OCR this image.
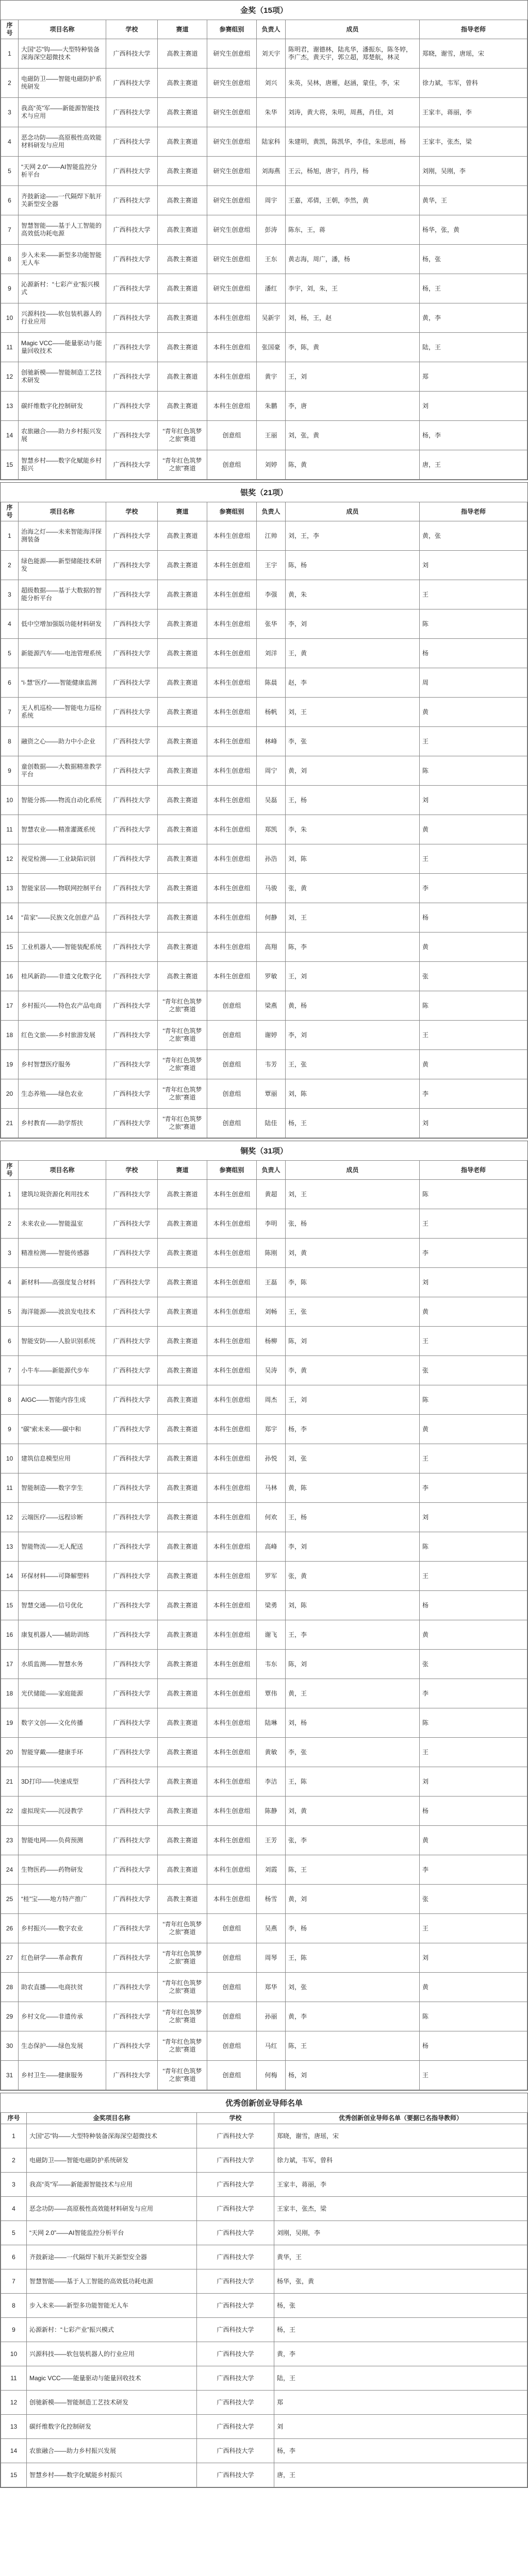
金奖（15项）
序号	项目名称	学校	赛道	参赛组别	负责人	成员	指导老师
1	大国“芯”钩——大型特种装备深海深空超微技术	广西科技大学	高教主赛道	研究生创意组	刘天宇	陈明君，谢德林，陆兆华，潘振东，陈冬婷，李广杰，黄天宇，郭立超，郑楚航，林灵	郑晓，谢雪，唐瑶，宋
2	电磁防卫——智能电磁防护系统研发	广西科技大学	高教主赛道	研究生创意组	刘兴	朱英，吴林，唐雁，赵涵，蒙佳，李，宋	徐力斌，韦军，曾科
3	我高“英”军——新能源智能技术与应用	广西科技大学	高教主赛道	研究生创意组	朱华	刘涛，黄大将，朱明，周燕，肖佳，刘	王家丰，蒋丽，李
4	恶念功防——高原极性高效能材料研发与应用	广西科技大学	高教主赛道	研究生创意组	陆家科	朱建明，黄凯，陈凯华，李佳，朱思雨，杨	王家丰，张杰，梁
5	“天网 2.0”——AI智能监控分析平台	广西科技大学	高教主赛道	研究生创意组	刘海燕	王云，杨旭，唐宇，肖丹，杨	刘刚，吴刚，李
6	齐鼓新途——一代隔焊下航开关新型安全器	广西科技大学	高教主赛道	研究生创意组	周宇	王嘉，邓倩，王朝，李然，黄	黄华，王
7	智慧智能——基于人工智能的高效低功耗电源	广西科技大学	高教主赛道	研究生创意组	彭涛	陈东，王，蒋	杨华，张，黄
8	步入未来——新型多功能智能无人车	广西科技大学	高教主赛道	研究生创意组	王东	黄志海，周广，潘，杨	杨，张
9	沁源新村：“七彩产业”振兴模式	广西科技大学	高教主赛道	研究生创意组	潘红	李宇，刘，朱，王	杨，王
10	兴源科技——软包装机器人的行业应用	广西科技大学	高教主赛道	本科生创意组	吴新宇	刘，杨，王，赵	黄，李
11	Magic VCC——能量驱动与能量回收技术	广西科技大学	高教主赛道	本科生创意组	张国豪	李，陈，黄	陆，王
12	创驰新模——智能制造工艺技术研发	广西科技大学	高教主赛道	本科生创意组	黄宇	王，刘	郑
13	碳纤维数字化控制研发	广西科技大学	高教主赛道	本科生创意组	朱鹏	李，唐	刘
14	农旅融合——助力乡村振兴发展	广西科技大学	“青年红色筑梦之旅”赛道	创意组	王丽	刘，张，黄	杨，李
15	智慧乡村——数字化赋能乡村振兴	广西科技大学	“青年红色筑梦之旅”赛道	创意组	刘婷	陈，黄	唐，王
银奖（21项）
序号	项目名称	学校	赛道	参赛组别	负责人	成员	指导老师
1	治海之灯——未来智能海洋探测装备	广西科技大学	高教主赛道	本科生创意组	江帅	刘，王，李	黄，张
2	绿色能源——新型储能技术研发	广西科技大学	高教主赛道	本科生创意组	王宇	陈，杨	刘
3	超级数据——基于大数据的智能分析平台	广西科技大学	高教主赛道	本科生创意组	李强	黄，朱	王
4	低中空增加强版功能材料研发	广西科技大学	高教主赛道	本科生创意组	张华	李，刘	陈
5	新能源汽车——电池管理系统	广西科技大学	高教主赛道	本科生创意组	刘洋	王，黄	杨
6	“i·慧”医疗——智能健康监测	广西科技大学	高教主赛道	本科生创意组	陈晨	赵，李	周
7	无人机巡检——智能电力巡检系统	广西科技大学	高教主赛道	本科生创意组	杨帆	刘，王	黄
8	融资之心——助力中小企业	广西科技大学	高教主赛道	本科生创意组	林峰	李，张	王
9	童创数据——大数据精准教学平台	广西科技大学	高教主赛道	本科生创意组	周宁	黄，刘	陈
10	智能分拣——物流自动化系统	广西科技大学	高教主赛道	本科生创意组	吴磊	王，杨	刘
11	智慧农业——精准灌溉系统	广西科技大学	高教主赛道	本科生创意组	郑凯	李，朱	黄
12	视觉检测——工业缺陷识别	广西科技大学	高教主赛道	本科生创意组	孙浩	刘，陈	王
13	智能家居——物联网控制平台	广西科技大学	高教主赛道	本科生创意组	马骏	张，黄	李
14	“苗家”——民族文化创意产品	广西科技大学	高教主赛道	本科生创意组	何静	刘，王	杨
15	工业机器人——智能装配系统	广西科技大学	高教主赛道	本科生创意组	高翔	陈，李	黄
16	桂风新韵——非遗文化数字化	广西科技大学	高教主赛道	本科生创意组	罗敏	王，刘	张
17	乡村振兴——特色农产品电商	广西科技大学	“青年红色筑梦之旅”赛道	创意组	梁燕	黄，杨	陈
18	红色文旅——乡村旅游发展	广西科技大学	“青年红色筑梦之旅”赛道	创意组	谢婷	李，刘	王
19	乡村智慧医疗服务	广西科技大学	“青年红色筑梦之旅”赛道	创意组	韦芳	王，张	黄
20	生态养殖——绿色农业	广西科技大学	“青年红色筑梦之旅”赛道	创意组	覃丽	刘，陈	李
21	乡村教育——助学帮扶	广西科技大学	“青年红色筑梦之旅”赛道	创意组	陆佳	杨，王	刘
铜奖（31项）
序号	项目名称	学校	赛道	参赛组别	负责人	成员	指导老师
1	建筑垃圾资源化利用技术	广西科技大学	高教主赛道	本科生创意组	黄超	刘，王	陈
2	未来农业——智能温室	广西科技大学	高教主赛道	本科生创意组	李明	张，杨	王
3	精准检测——智能传感器	广西科技大学	高教主赛道	本科生创意组	陈刚	刘，黄	李
4	新材料——高强度复合材料	广西科技大学	高教主赛道	本科生创意组	王磊	李，陈	刘
5	海洋能源——波浪发电技术	广西科技大学	高教主赛道	本科生创意组	刘畅	王，张	黄
6	智能安防——人脸识别系统	广西科技大学	高教主赛道	本科生创意组	杨柳	陈，刘	王
7	小牛车——新能源代步车	广西科技大学	高教主赛道	本科生创意组	吴涛	李，黄	张
8	AIGC——智能内容生成	广西科技大学	高教主赛道	本科生创意组	周杰	王，刘	陈
9	“碳”索未来——碳中和	广西科技大学	高教主赛道	本科生创意组	郑宇	杨，李	黄
10	建筑信息模型应用	广西科技大学	高教主赛道	本科生创意组	孙悦	刘，张	王
11	智能制造——数字孪生	广西科技大学	高教主赛道	本科生创意组	马林	黄，陈	李
12	云端医疗——远程诊断	广西科技大学	高教主赛道	本科生创意组	何欢	王，杨	刘
13	智能物流——无人配送	广西科技大学	高教主赛道	本科生创意组	高峰	李，刘	陈
14	环保材料——可降解塑料	广西科技大学	高教主赛道	本科生创意组	罗军	张，黄	王
15	智慧交通——信号优化	广西科技大学	高教主赛道	本科生创意组	梁勇	刘，陈	杨
16	康复机器人——辅助训练	广西科技大学	高教主赛道	本科生创意组	谢飞	王，李	黄
17	水质监测——智慧水务	广西科技大学	高教主赛道	本科生创意组	韦东	陈，刘	张
18	光伏储能——家庭能源	广西科技大学	高教主赛道	本科生创意组	覃伟	黄，王	李
19	数字文创——文化传播	广西科技大学	高教主赛道	本科生创意组	陆琳	刘，杨	陈
20	智能穿戴——健康手环	广西科技大学	高教主赛道	本科生创意组	黄敏	李，张	王
21	3D打印——快速成型	广西科技大学	高教主赛道	本科生创意组	李洁	王，陈	刘
22	虚拟现实——沉浸教学	广西科技大学	高教主赛道	本科生创意组	陈静	刘，黄	杨
23	智能电网——负荷预测	广西科技大学	高教主赛道	本科生创意组	王芳	张，李	黄
24	生物医药——药物研发	广西科技大学	高教主赛道	本科生创意组	刘霞	陈，王	李
25	“桂”宝——地方特产推广	广西科技大学	高教主赛道	本科生创意组	杨雪	黄，刘	张
26	乡村振兴——数字农业	广西科技大学	“青年红色筑梦之旅”赛道	创意组	吴燕	李，杨	王
27	红色研学——革命教育	广西科技大学	“青年红色筑梦之旅”赛道	创意组	周琴	王，陈	刘
28	助农直播——电商扶贫	广西科技大学	“青年红色筑梦之旅”赛道	创意组	郑华	刘，张	黄
29	乡村文化——非遗传承	广西科技大学	“青年红色筑梦之旅”赛道	创意组	孙丽	黄，李	陈
30	生态保护——绿色发展	广西科技大学	“青年红色筑梦之旅”赛道	创意组	马红	陈，王	杨
31	乡村卫生——健康服务	广西科技大学	“青年红色筑梦之旅”赛道	创意组	何梅	杨，刘	王
优秀创新创业导师名单
序号	金奖项目名称	学校	优秀创新创业导师名单（要据已名指导教师）
1	大国“芯”钩——大型特种装备深海深空超微技术	广西科技大学	郑晓，谢雪，唐瑶，宋
2	电磁防卫——智能电磁防护系统研发	广西科技大学	徐力斌，韦军，曾科
3	我高“英”军——新能源智能技术与应用	广西科技大学	王家丰，蒋丽，李
4	恶念功防——高原极性高效能材料研发与应用	广西科技大学	王家丰，张杰，梁
5	“天网 2.0”——AI智能监控分析平台	广西科技大学	刘刚，吴刚，李
6	齐鼓新途——一代隔焊下航开关新型安全器	广西科技大学	黄华，王
7	智慧智能——基于人工智能的高效低功耗电源	广西科技大学	杨华，张，黄
8	步入未来——新型多功能智能无人车	广西科技大学	杨，张
9	沁源新村：“七彩产业”振兴模式	广西科技大学	杨，王
10	兴源科技——软包装机器人的行业应用	广西科技大学	黄，李
11	Magic VCC——能量驱动与能量回收技术	广西科技大学	陆，王
12	创驰新模——智能制造工艺技术研发	广西科技大学	郑
13	碳纤维数字化控制研发	广西科技大学	刘
14	农旅融合——助力乡村振兴发展	广西科技大学	杨，李
15	智慧乡村——数字化赋能乡村振兴	广西科技大学	唐，王
